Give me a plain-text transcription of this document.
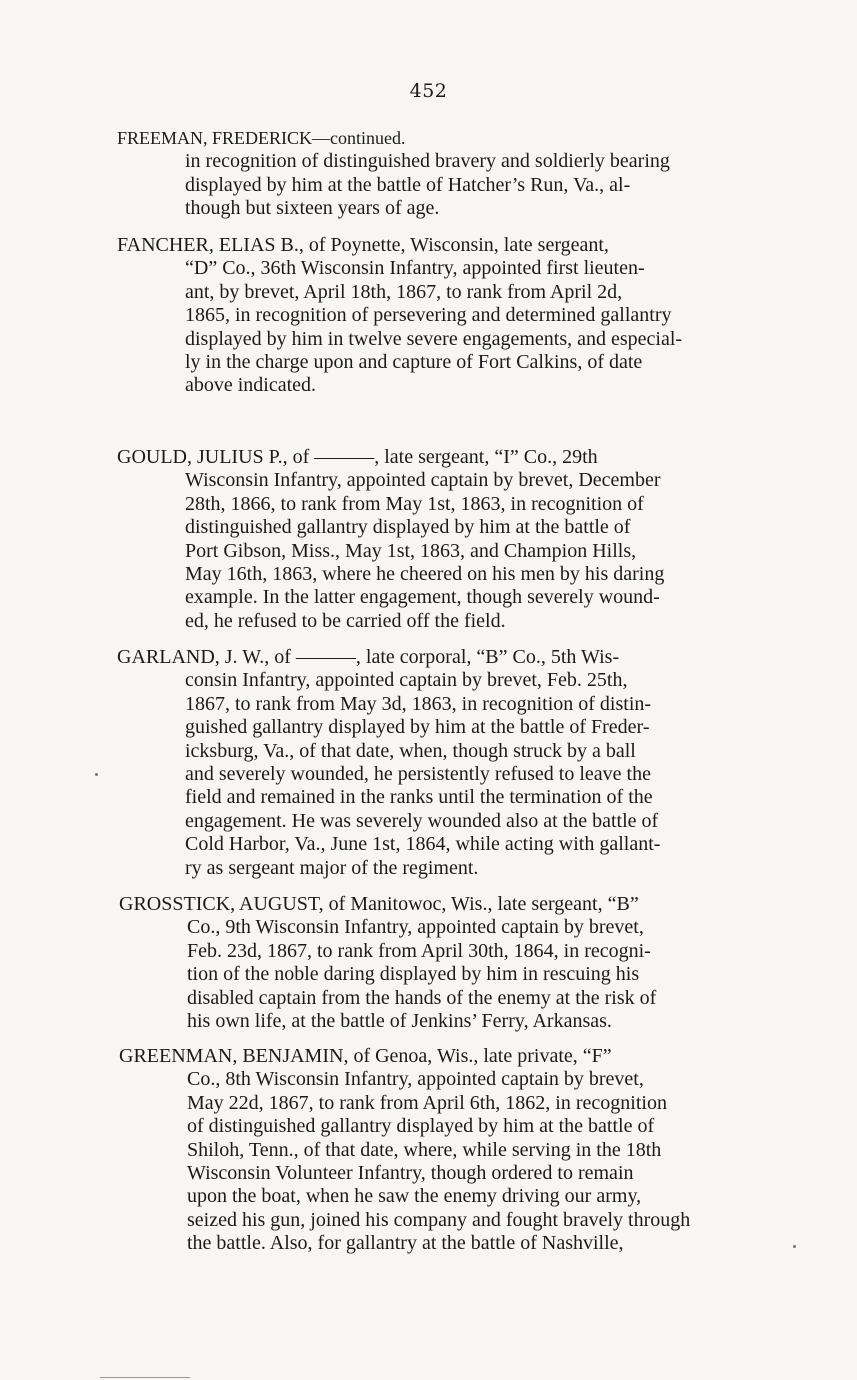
452
FREEMAN, FREDERICK—continued.
in recognition of distinguished bravery and soldierly bearing
displayed by him at the battle of Hatcher’s Run, Va., al-
though but sixteen years of age.
FANCHER, ELIAS B., of Poynette, Wisconsin, late sergeant,
“D” Co., 36th Wisconsin Infantry, appointed first lieuten-
ant, by brevet, April 18th, 1867, to rank from April 2d,
1865, in recognition of persevering and determined gallantry
displayed by him in twelve severe engagements, and especial-
ly in the charge upon and capture of Fort Calkins, of date
above indicated.
GOULD, JULIUS P., of ———, late sergeant, “I” Co., 29th
Wisconsin Infantry, appointed captain by brevet, December
28th, 1866, to rank from May 1st, 1863, in recognition of
distinguished gallantry displayed by him at the battle of
Port Gibson, Miss., May 1st, 1863, and Champion Hills,
May 16th, 1863, where he cheered on his men by his daring
example. In the latter engagement, though severely wound-
ed, he refused to be carried off the field.
GARLAND, J. W., of ———, late corporal, “B” Co., 5th Wis-
consin Infantry, appointed captain by brevet, Feb. 25th,
1867, to rank from May 3d, 1863, in recognition of distin-
guished gallantry displayed by him at the battle of Freder-
icksburg, Va., of that date, when, though struck by a ball
and severely wounded, he persistently refused to leave the
field and remained in the ranks until the termination of the
engagement. He was severely wounded also at the battle of
Cold Harbor, Va., June 1st, 1864, while acting with gallant-
ry as sergeant major of the regiment.
GROSSTICK, AUGUST, of Manitowoc, Wis., late sergeant, “B”
Co., 9th Wisconsin Infantry, appointed captain by brevet,
Feb. 23d, 1867, to rank from April 30th, 1864, in recogni-
tion of the noble daring displayed by him in rescuing his
disabled captain from the hands of the enemy at the risk of
his own life, at the battle of Jenkins’ Ferry, Arkansas.
GREENMAN, BENJAMIN, of Genoa, Wis., late private, “F”
Co., 8th Wisconsin Infantry, appointed captain by brevet,
May 22d, 1867, to rank from April 6th, 1862, in recognition
of distinguished gallantry displayed by him at the battle of
Shiloh, Tenn., of that date, where, while serving in the 18th
Wisconsin Volunteer Infantry, though ordered to remain
upon the boat, when he saw the enemy driving our army,
seized his gun, joined his company and fought bravely through
the battle. Also, for gallantry at the battle of Nashville,
